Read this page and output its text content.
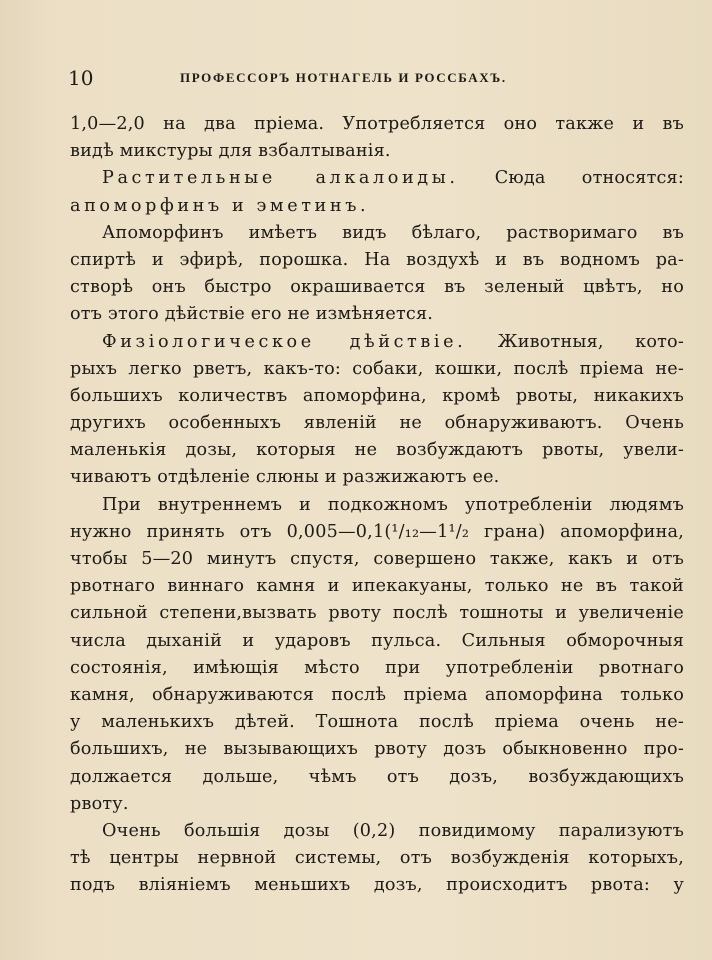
10	ПРОФЕССОРЪ НОТНАГЕЛЬ И РОССБАХЪ.
1,0—2,0 на два пріема. Употребляется оно также и въ
видѣ микстуры для взбалтыванія.
Растительные алкалоиды. Сюда относятся:
апоморфинъ и эметинъ.
Апоморфинъ имѣетъ видъ бѣлаго, растворимаго въ
спиртѣ и эфирѣ, порошка. На воздухѣ и въ водномъ ра-
створѣ онъ быстро окрашивается въ зеленый цвѣтъ, но
отъ этого дѣйствіе его не измѣняется.
Физiологическое дѣйствіе. Животныя, кото-
рыхъ легко рветъ, какъ-то: собаки, кошки, послѣ пріема не-
большихъ количествъ апоморфина, кромѣ рвоты, никакихъ
другихъ особенныхъ явленій не обнаруживаютъ. Очень
маленькія дозы, которыя не возбуждаютъ рвоты, увели-
чиваютъ отдѣленіе слюны и разжижаютъ ее.
При внутреннемъ и подкожномъ употребленіи людямъ
нужно принять отъ 0,005—0,1(¹/₁₂—1¹/₂ грана) апоморфина,
чтобы 5—20 минутъ спустя, совершено также, какъ и отъ
рвотнаго виннаго камня и ипекакуаны, только не въ такой
сильной степени,вызвать рвоту послѣ тошноты и увеличеніе
числа дыханій и ударовъ пульса. Сильныя обморочныя
состоянія, имѣющія мѣсто при употребленіи рвотнаго
камня, обнаруживаются послѣ пріема апоморфина только
у маленькихъ дѣтей. Тошнота послѣ пріема очень не-
большихъ, не вызывающихъ рвоту дозъ обыкновенно про-
должается дольше, чѣмъ отъ дозъ, возбуждающихъ
рвоту.
Очень большія дозы (0,2) повидимому парализуютъ
тѣ центры нервной системы, отъ возбужденія которыхъ,
подъ вліяніемъ меньшихъ дозъ, происходитъ рвота: у
